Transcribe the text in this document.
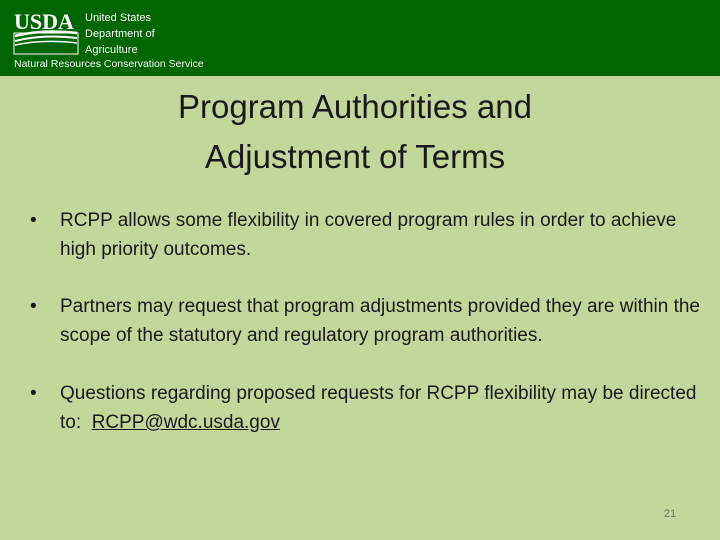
USDA United States
Department of
Agriculture
Natural Resources Conservation Service
Program Authorities and
Adjustment of Terms
•	RCPP allows some flexibility in covered program rules in order to achieve high priority outcomes.
•	Partners may request that program adjustments provided they are within the scope of the statutory and regulatory program authorities.
•	Questions regarding proposed requests for RCPP flexibility may be directed to: RCPP@wdc.usda.gov
21
